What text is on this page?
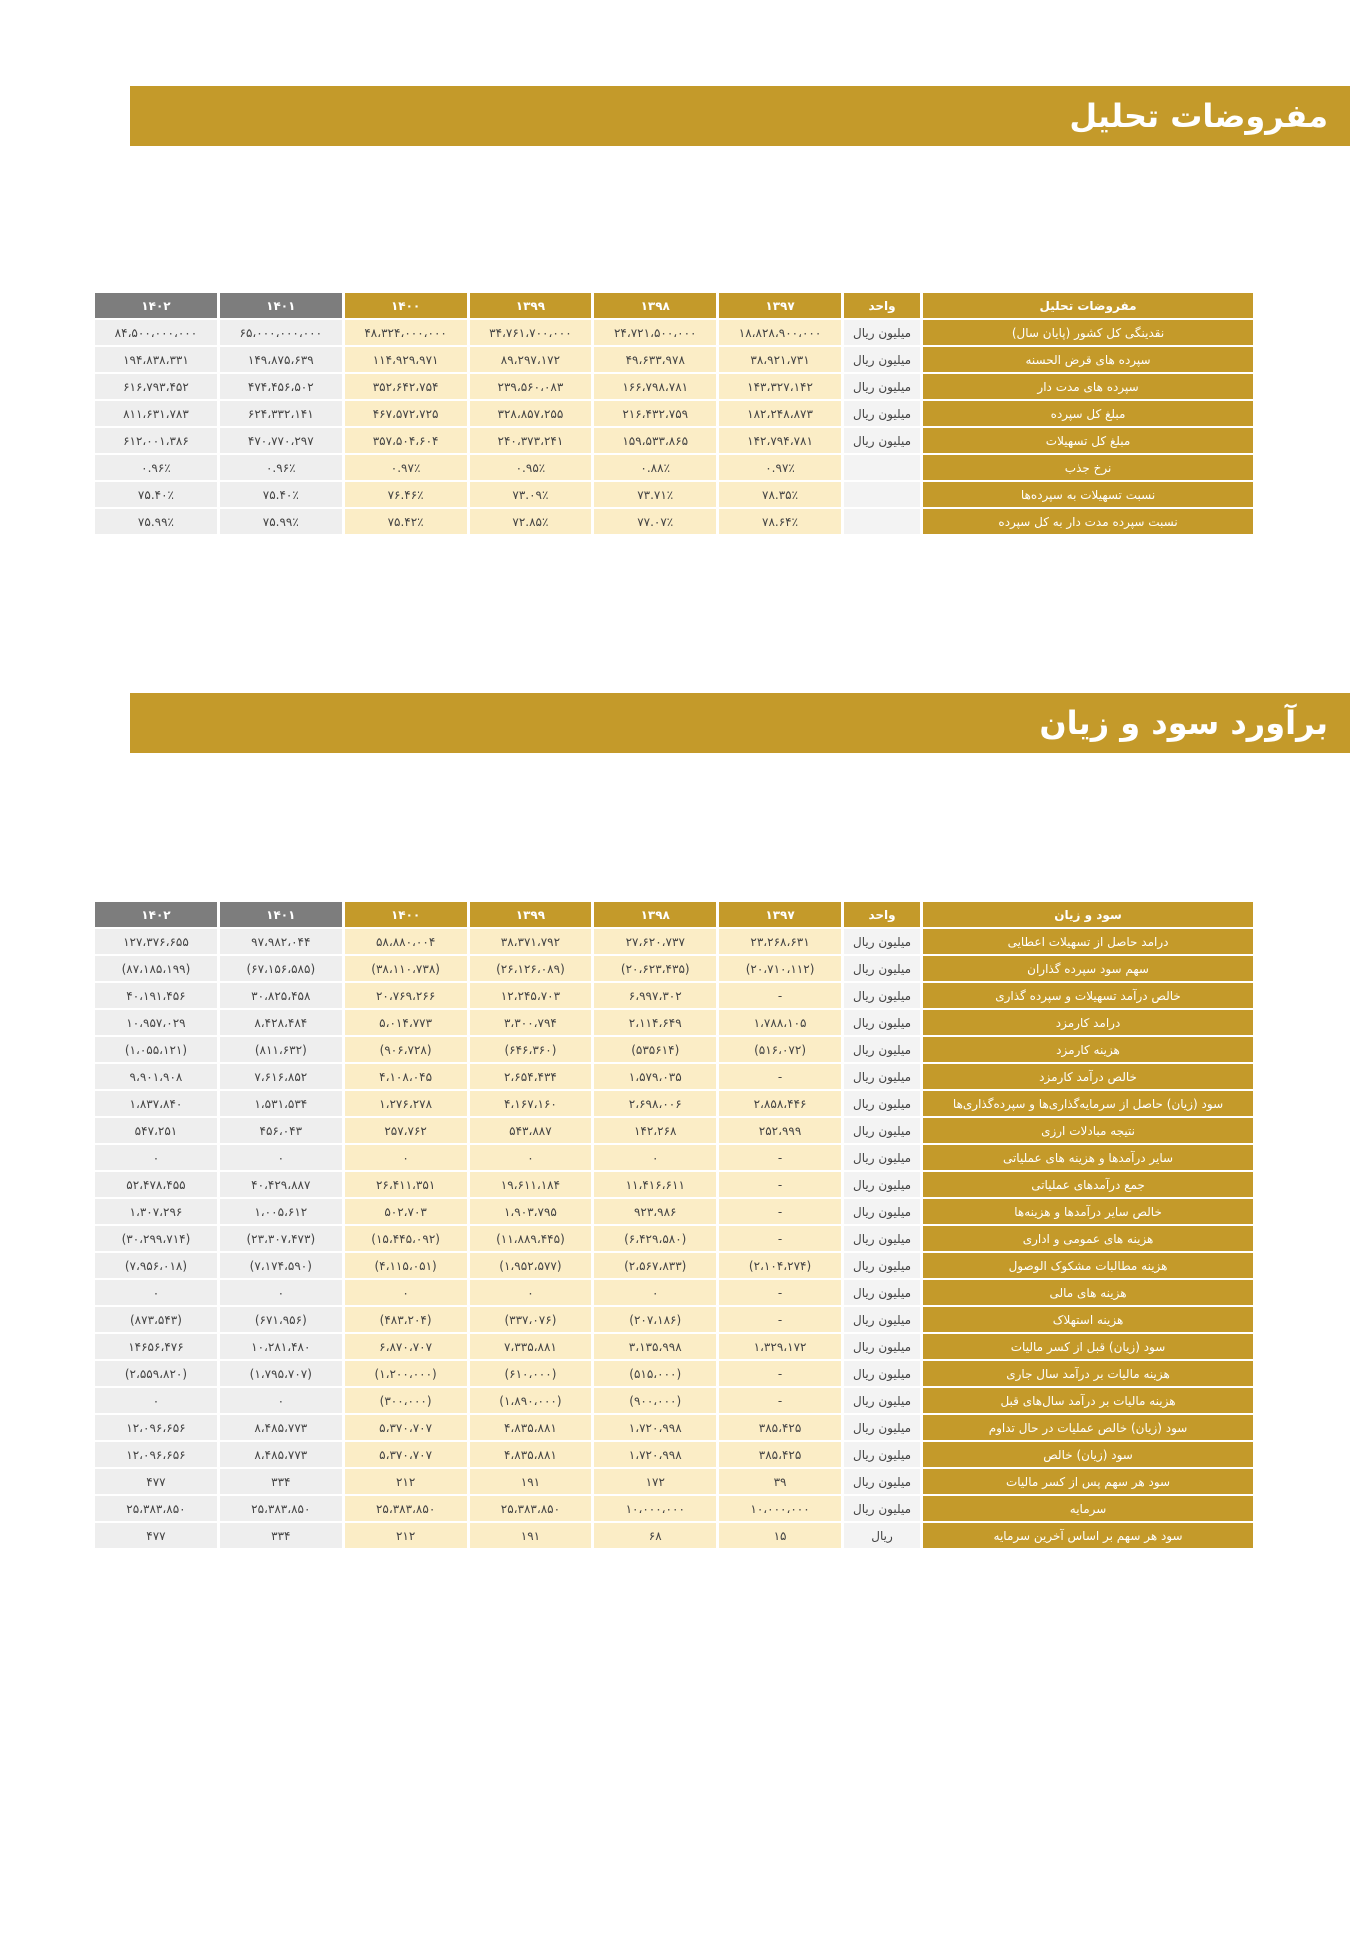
مفروضات تحلیل
مفروضات تحلیل	واحد	۱۳۹۷	۱۳۹۸	۱۳۹۹	۱۴۰۰	۱۴۰۱	۱۴۰۲
نقدینگی کل کشور (پایان سال)	میلیون ریال	۱۸،۸۲۸،۹۰۰،۰۰۰	۲۴،۷۲۱،۵۰۰،۰۰۰	۳۴،۷۶۱،۷۰۰،۰۰۰	۴۸،۳۲۴،۰۰۰،۰۰۰	۶۵،۰۰۰،۰۰۰،۰۰۰	۸۴،۵۰۰،۰۰۰،۰۰۰
سپرده های قرض الحسنه	میلیون ریال	۳۸،۹۲۱،۷۳۱	۴۹،۶۳۳،۹۷۸	۸۹،۲۹۷،۱۷۲	۱۱۴،۹۲۹،۹۷۱	۱۴۹،۸۷۵،۶۳۹	۱۹۴،۸۳۸،۳۳۱
سپرده های مدت دار	میلیون ریال	۱۴۳،۳۲۷،۱۴۲	۱۶۶،۷۹۸،۷۸۱	۲۳۹،۵۶۰،۰۸۳	۳۵۲،۶۴۲،۷۵۴	۴۷۴،۴۵۶،۵۰۲	۶۱۶،۷۹۳،۴۵۲
مبلغ کل سپرده	میلیون ریال	۱۸۲،۲۴۸،۸۷۳	۲۱۶،۴۳۲،۷۵۹	۳۲۸،۸۵۷،۲۵۵	۴۶۷،۵۷۲،۷۲۵	۶۲۴،۳۳۲،۱۴۱	۸۱۱،۶۳۱،۷۸۳
مبلغ کل تسهیلات	میلیون ریال	۱۴۲،۷۹۴،۷۸۱	۱۵۹،۵۳۳،۸۶۵	۲۴۰،۳۷۳،۲۴۱	۳۵۷،۵۰۴،۶۰۴	۴۷۰،۷۷۰،۲۹۷	۶۱۲،۰۰۱،۳۸۶
نرخ جذب		۰.۹۷٪	۰.۸۸٪	۰.۹۵٪	۰.۹۷٪	۰.۹۶٪	۰.۹۶٪
نسبت تسهیلات به سپرده‌ها		۷۸.۳۵٪	۷۳.۷۱٪	۷۳.۰۹٪	۷۶.۴۶٪	۷۵.۴۰٪	۷۵.۴۰٪
نسبت سپرده مدت دار به کل سپرده		۷۸.۶۴٪	۷۷.۰۷٪	۷۲.۸۵٪	۷۵.۴۲٪	۷۵.۹۹٪	۷۵.۹۹٪
برآورد سود و زیان
سود و زیان	واحد	۱۳۹۷	۱۳۹۸	۱۳۹۹	۱۴۰۰	۱۴۰۱	۱۴۰۲
درامد حاصل از تسهیلات اعطایی	میلیون ریال	۲۳،۲۶۸،۶۳۱	۲۷،۶۲۰،۷۳۷	۳۸،۳۷۱،۷۹۲	۵۸،۸۸۰،۰۰۴	۹۷،۹۸۲،۰۴۴	۱۲۷،۳۷۶،۶۵۵
سهم سود سپرده گذاران	میلیون ریال	(۲۰،۷۱۰،۱۱۲)	(۲۰،۶۲۳،۴۳۵)	(۲۶،۱۲۶،۰۸۹)	(۳۸،۱۱۰،۷۳۸)	(۶۷،۱۵۶،۵۸۵)	(۸۷،۱۸۵،۱۹۹)
خالص درآمد تسهیلات و سپرده گذاری	میلیون ریال	-	۶،۹۹۷،۳۰۲	۱۲،۲۴۵،۷۰۳	۲۰،۷۶۹،۲۶۶	۳۰،۸۲۵،۴۵۸	۴۰،۱۹۱،۴۵۶
درامد کارمزد	میلیون ریال	۱،۷۸۸،۱۰۵	۲،۱۱۴،۶۴۹	۳،۳۰۰،۷۹۴	۵،۰۱۴،۷۷۳	۸،۴۲۸،۴۸۴	۱۰،۹۵۷،۰۲۹
هزینه کارمزد	میلیون ریال	(۵۱۶،۰۷۲)	(۵۳۵۶۱۴)	(۶۴۶،۳۶۰)	(۹۰۶،۷۲۸)	(۸۱۱،۶۳۲)	(۱،۰۵۵،۱۲۱)
خالص درآمد کارمزد	میلیون ریال	-	۱،۵۷۹،۰۳۵	۲،۶۵۴،۴۳۴	۴،۱۰۸،۰۴۵	۷،۶۱۶،۸۵۲	۹،۹۰۱،۹۰۸
سود (زیان) حاصل از سرمایه‌گذاری‌ها و سپرده‌گذاری‌ها	میلیون ریال	۲،۸۵۸،۴۴۶	۲،۶۹۸،۰۰۶	۴،۱۶۷،۱۶۰	۱،۲۷۶،۲۷۸	۱،۵۳۱،۵۳۴	۱،۸۳۷،۸۴۰
نتیجه مبادلات ارزی	میلیون ریال	۲۵۲،۹۹۹	۱۴۲،۲۶۸	۵۴۳،۸۸۷	۲۵۷،۷۶۲	۴۵۶،۰۴۳	۵۴۷،۲۵۱
سایر درآمدها و هزینه های عملیاتی	میلیون ریال	-	۰	۰	۰	۰	۰
جمع درآمدهای عملیاتی	میلیون ریال	-	۱۱،۴۱۶،۶۱۱	۱۹،۶۱۱،۱۸۴	۲۶،۴۱۱،۳۵۱	۴۰،۴۲۹،۸۸۷	۵۲،۴۷۸،۴۵۵
خالص سایر درآمدها و هزینه‌ها	میلیون ریال	-	۹۲۳،۹۸۶	۱،۹۰۳،۷۹۵	۵۰۲،۷۰۳	۱،۰۰۵،۶۱۲	۱،۳۰۷،۲۹۶
هزینه های عمومی و اداری	میلیون ریال	-	(۶،۴۲۹،۵۸۰)	(۱۱،۸۸۹،۴۴۵)	(۱۵،۴۴۵،۰۹۲)	(۲۳،۳۰۷،۴۷۳)	(۳۰،۲۹۹،۷۱۴)
هزینه مطالبات مشکوک الوصول	میلیون ریال	(۲،۱۰۴،۲۷۴)	(۲،۵۶۷،۸۳۳)	(۱،۹۵۲،۵۷۷)	(۴،۱۱۵،۰۵۱)	(۷،۱۷۴،۵۹۰)	(۷،۹۵۶،۰۱۸)
هزینه های مالی	میلیون ریال	-	۰	۰	۰	۰	۰
هزینه استهلاک	میلیون ریال	-	(۲۰۷،۱۸۶)	(۳۳۷،۰۷۶)	(۴۸۳،۲۰۴)	(۶۷۱،۹۵۶)	(۸۷۳،۵۴۳)
سود (زیان) قبل از کسر مالیات	میلیون ریال	۱،۳۲۹،۱۷۲	۳،۱۳۵،۹۹۸	۷،۳۳۵،۸۸۱	۶،۸۷۰،۷۰۷	۱۰،۲۸۱،۴۸۰	۱۴۶۵۶،۴۷۶
هزینه مالیات بر درآمد سال جاری	میلیون ریال	-	(۵۱۵،۰۰۰)	(۶۱۰،۰۰۰)	(۱،۲۰۰،۰۰۰)	(۱،۷۹۵،۷۰۷)	(۲،۵۵۹،۸۲۰)
هزینه مالیات بر درآمد سال‌های قبل	میلیون ریال	-	(۹۰۰،۰۰۰)	(۱،۸۹۰،۰۰۰)	(۳۰۰،۰۰۰)	۰	۰
سود (زیان) خالص عملیات در حال تداوم	میلیون ریال	۳۸۵،۴۲۵	۱،۷۲۰،۹۹۸	۴،۸۳۵،۸۸۱	۵،۳۷۰،۷۰۷	۸،۴۸۵،۷۷۳	۱۲،۰۹۶،۶۵۶
سود (زیان) خالص	میلیون ریال	۳۸۵،۴۲۵	۱،۷۲۰،۹۹۸	۴،۸۳۵،۸۸۱	۵،۳۷۰،۷۰۷	۸،۴۸۵،۷۷۳	۱۲،۰۹۶،۶۵۶
سود هر سهم پس از کسر مالیات	میلیون ریال	۳۹	۱۷۲	۱۹۱	۲۱۲	۳۳۴	۴۷۷
سرمایه	میلیون ریال	۱۰،۰۰۰،۰۰۰	۱۰،۰۰۰،۰۰۰	۲۵،۳۸۳،۸۵۰	۲۵،۳۸۳،۸۵۰	۲۵،۳۸۳،۸۵۰	۲۵،۳۸۳،۸۵۰
سود هر سهم بر اساس آخرین سرمایه	ریال	۱۵	۶۸	۱۹۱	۲۱۲	۳۳۴	۴۷۷
